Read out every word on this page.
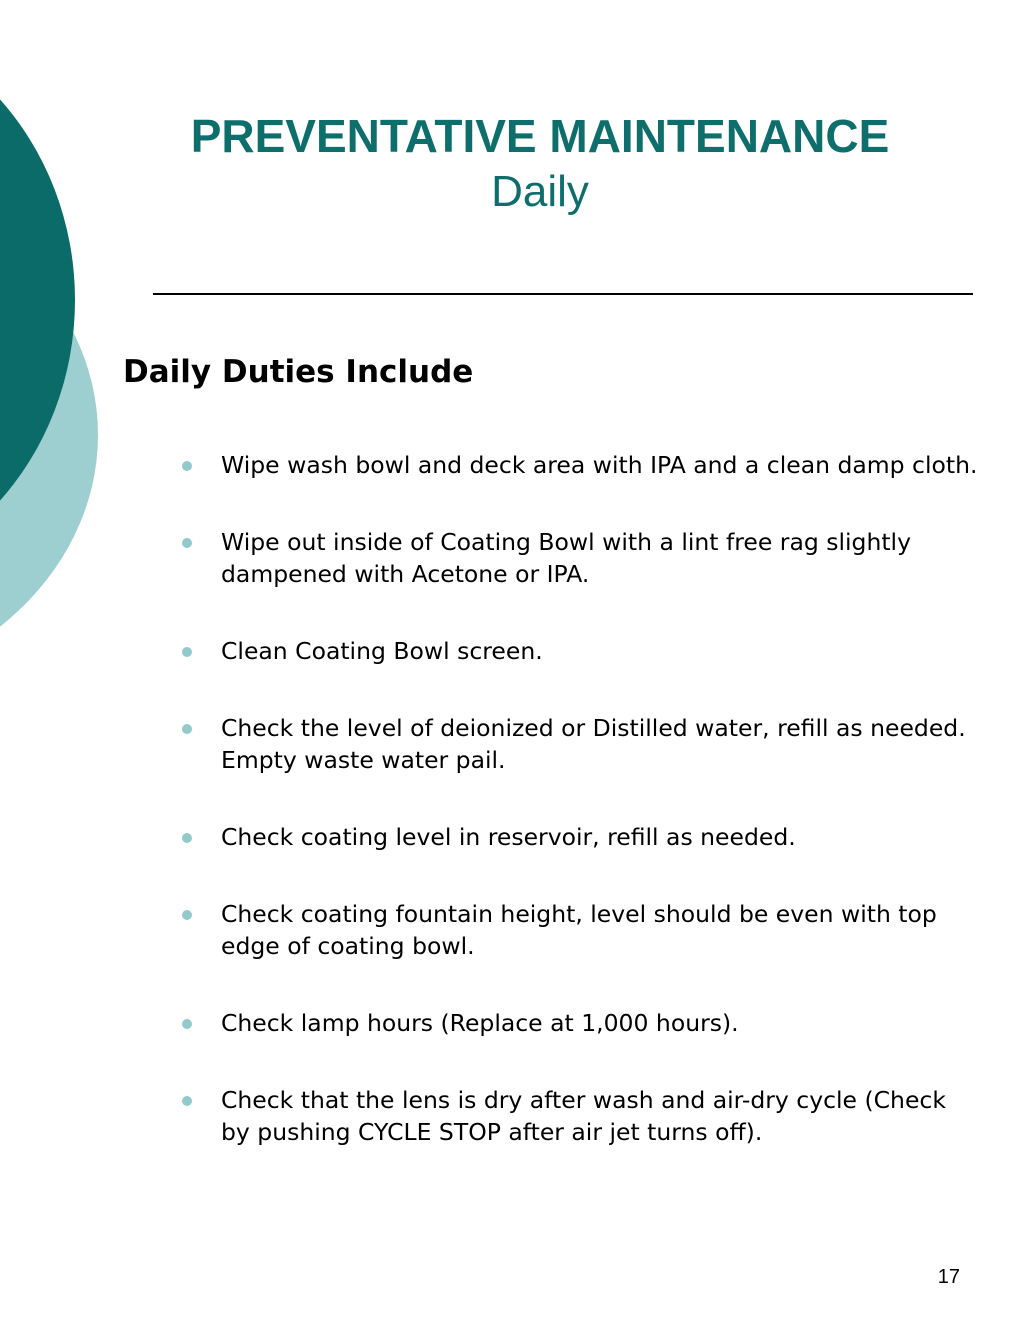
PREVENTATIVE MAINTENANCE
Daily
Daily Duties Include
Wipe wash bowl and deck area with IPA and a clean damp cloth.
Wipe out inside of Coating Bowl with a lint free rag slightly dampened with Acetone or IPA.
Clean Coating Bowl screen.
Check the level of deionized or Distilled water, refill as needed.  Empty waste water pail.
Check coating level in reservoir, refill as needed.
Check coating fountain height, level should be even with top edge of coating bowl.
Check lamp hours (Replace at 1,000 hours).
Check that the lens is dry after wash and air-dry cycle (Check by pushing CYCLE STOP after air jet turns off).
17
